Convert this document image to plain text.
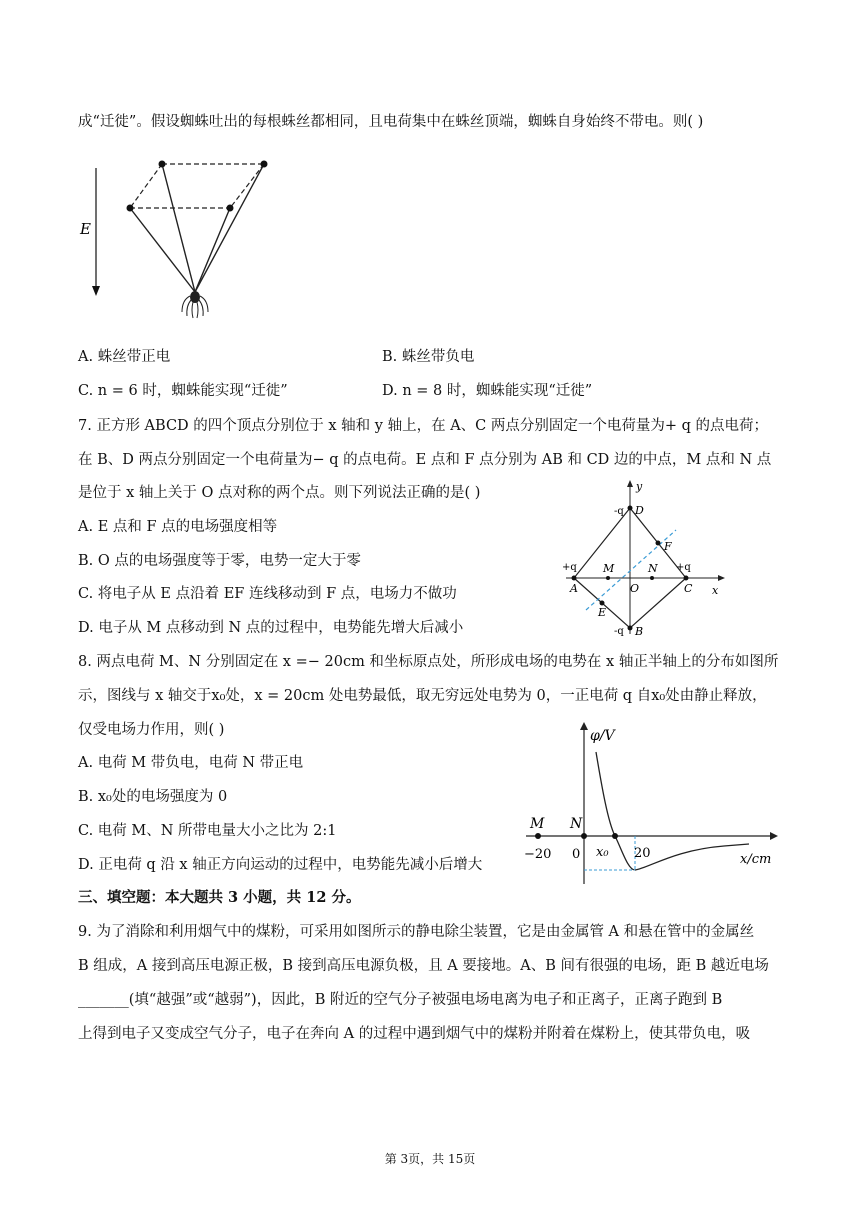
成“迁徙”。假设蜘蛛吐出的每根蛛丝都相同，且电荷集中在蛛丝顶端，蜘蛛自身始终不带电。则( )
E
A. 蛛丝带正电	B. 蛛丝带负电
C. n = 6 时，蜘蛛能实现“迁徙”	D. n = 8 时，蜘蛛能实现“迁徙”
7. 正方形 ABCD 的四个顶点分别位于 x 轴和 y 轴上，在 A、C 两点分别固定一个电荷量为+ q 的点电荷；
在 B、D 两点分别固定一个电荷量为− q 的点电荷。E 点和 F 点分别为 AB 和 CD 边的中点，M 点和 N 点
是位于 x 轴上关于 O 点对称的两个点。则下列说法正确的是( )
A. E 点和 F 点的电场强度相等
B. O 点的电场强度等于零，电势一定大于零
C. 将电子从 E 点沿着 EF 连线移动到 F 点，电场力不做功
D. 电子从 M 点移动到 N 点的过程中，电势能先增大后减小
y
x
D
B
A	C
E
F
M	N
O
-q
-q
+q	+q
8. 两点电荷 M、N 分别固定在 x =− 20cm 和坐标原点处，所形成电场的电势在 x 轴正半轴上的分布如图所
示，图线与 x 轴交于x₀处，x = 20cm 处电势最低，取无穷远处电势为 0，一正电荷 q 自x₀处由静止释放，
仅受电场力作用，则( )
A. 电荷 M 带负电，电荷 N 带正电
B. x₀处的电场强度为 0
C. 电荷 M、N 所带电量大小之比为 2:1
D. 正电荷 q 沿 x 轴正方向运动的过程中，电势能先减小后增大
φ/V
x/cm
M N
−20 0 x₀ 20
三、填空题：本大题共 3 小题，共 12 分。
9. 为了消除和利用烟气中的煤粉，可采用如图所示的静电除尘装置，它是由金属管 A 和悬在管中的金属丝
B 组成，A 接到高压电源正极，B 接到高压电源负极，且 A 要接地。A、B 间有很强的电场，距 B 越近电场
_______(填“越强”或“越弱”)，因此，B 附近的空气分子被强电场电离为电子和正离子，正离子跑到 B
上得到电子又变成空气分子，电子在奔向 A 的过程中遇到烟气中的煤粉并附着在煤粉上，使其带负电，吸
第 3页，共 15页
